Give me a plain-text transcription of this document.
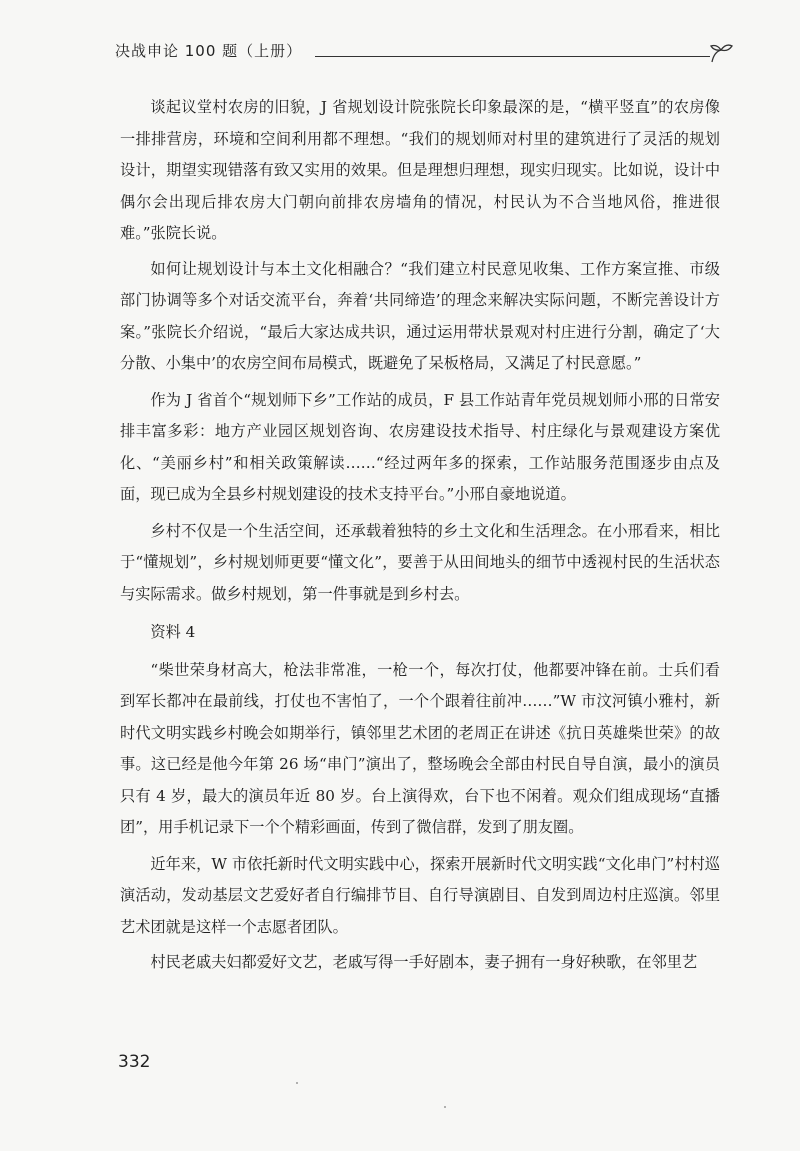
决战申论 100 题（上册）

谈起议堂村农房的旧貌，J 省规划设计院张院长印象最深的是，“横平竖直”的农房像一排排营房，环境和空间利用都不理想。“我们的规划师对村里的建筑进行了灵活的规划设计，期望实现错落有致又实用的效果。但是理想归理想，现实归现实。比如说，设计中偶尔会出现后排农房大门朝向前排农房墙角的情况，村民认为不合当地风俗，推进很难。”张院长说。

如何让规划设计与本土文化相融合？“我们建立村民意见收集、工作方案宣推、市级部门协调等多个对话交流平台，奔着‘共同缔造’的理念来解决实际问题，不断完善设计方案。”张院长介绍说，“最后大家达成共识，通过运用带状景观对村庄进行分割，确定了‘大分散、小集中’的农房空间布局模式，既避免了呆板格局，又满足了村民意愿。”

作为 J 省首个“规划师下乡”工作站的成员，F 县工作站青年党员规划师小邢的日常安排丰富多彩：地方产业园区规划咨询、农房建设技术指导、村庄绿化与景观建设方案优化、“美丽乡村”和相关政策解读……“经过两年多的探索，工作站服务范围逐步由点及面，现已成为全县乡村规划建设的技术支持平台。”小邢自豪地说道。

乡村不仅是一个生活空间，还承载着独特的乡土文化和生活理念。在小邢看来，相比于“懂规划”，乡村规划师更要“懂文化”，要善于从田间地头的细节中透视村民的生活状态与实际需求。做乡村规划，第一件事就是到乡村去。

资料 4

“柴世荣身材高大，枪法非常准，一枪一个，每次打仗，他都要冲锋在前。士兵们看到军长都冲在最前线，打仗也不害怕了，一个个跟着往前冲……”W 市汶河镇小雅村，新时代文明实践乡村晚会如期举行，镇邻里艺术团的老周正在讲述《抗日英雄柴世荣》的故事。这已经是他今年第 26 场“串门”演出了，整场晚会全部由村民自导自演，最小的演员只有 4 岁，最大的演员年近 80 岁。台上演得欢，台下也不闲着。观众们组成现场“直播团”，用手机记录下一个个精彩画面，传到了微信群，发到了朋友圈。

近年来，W 市依托新时代文明实践中心，探索开展新时代文明实践“文化串门”村村巡演活动，发动基层文艺爱好者自行编排节目、自行导演剧目、自发到周边村庄巡演。邻里艺术团就是这样一个志愿者团队。

村民老戚夫妇都爱好文艺，老戚写得一手好剧本，妻子拥有一身好秧歌，在邻里艺

332
